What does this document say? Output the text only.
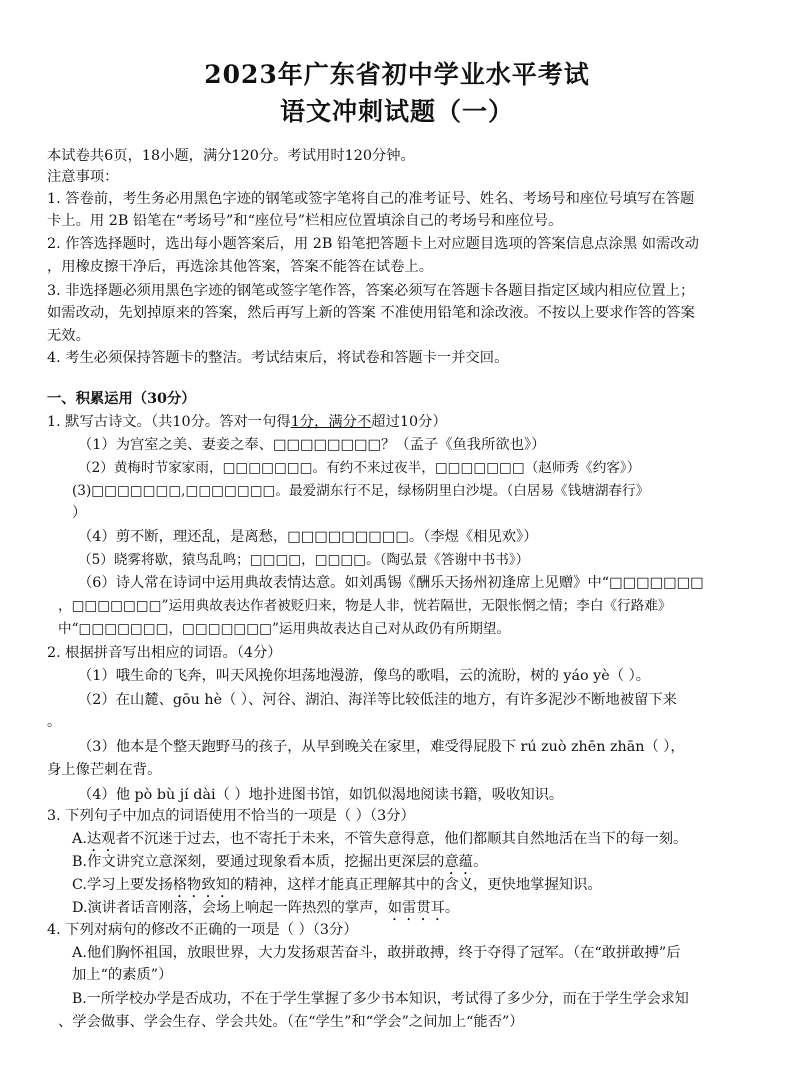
2023年广东省初中学业水平考试
语文冲刺试题（一）
本试卷共6页，18小题，满分120分。考试用时120分钟。
注意事项：
1. 答卷前，考生务必用黑色字迹的钢笔或签字笔将自己的准考证号、姓名、考场号和座位号填写在答题
卡上。用 2B 铅笔在“考场号”和“座位号”栏相应位置填涂自己的考场号和座位号。
2. 作答选择题时，选出每小题答案后，用 2B 铅笔把答题卡上对应题目选项的答案信息点涂黑 如需改动
，用橡皮擦干净后，再选涂其他答案，答案不能答在试卷上。
3. 非选择题必须用黑色字迹的钢笔或签字笔作答，答案必须写在答题卡各题目指定区域内相应位置上；
如需改动，先划掉原来的答案，然后再写上新的答案 不准使用铅笔和涂改液。不按以上要求作答的答案
无效。
4. 考生必须保持答题卡的整洁。考试结束后，将试卷和答题卡一并交回。
一、积累运用（30分）
1. 默写古诗文。（共10分。答对一句得1分，满分不超过10分）
（1）为宫室之美、妻妾之奉、□□□□□□□□？（孟子《鱼我所欲也》）
（2）黄梅时节家家雨，□□□□□□□。有约不来过夜半，□□□□□□□（赵师秀《约客》）
(3)□□□□□□□,□□□□□□□。最爱湖东行不足，绿杨阴里白沙堤。（白居易《钱塘湖春行》
）
（4）剪不断，理还乱，是离愁，□□□□□□□□□。（李煜《相见欢》）
（5）晓雾将歇，猿鸟乱鸣；□□□□，□□□□。（陶弘景《答谢中书书》）
（6）诗人常在诗词中运用典故表情达意。如刘禹锡《酬乐天扬州初逢席上见赠》中“□□□□□□□
，□□□□□□□”运用典故表达作者被贬归来，物是人非，恍若隔世，无限怅惘之情；李白《行路难》
中“□□□□□□□，□□□□□□□”运用典故表达自己对从政仍有所期望。
2. 根据拼音写出相应的词语。（4分）
（1）哦生命的飞奔，叫天风挽你坦荡地漫游，像鸟的歌唱，云的流盼，树的 yáo yè（ ）。
（2）在山麓、gōu hè（ ）、河谷、湖泊、海洋等比较低洼的地方，有许多泥沙不断地被留下来
。
（3）他本是个整天跑野马的孩子，从早到晚关在家里，难受得屁股下 rú zuò zhēn zhān（ ），
身上像芒刺在背。
（4）他 pò bù jí dài（ ）地扑进图书馆，如饥似渴地阅读书籍，吸收知识。
3. 下列句子中加点的词语使用不恰当的一项是（ ）（3分）
A.达观者不沉迷于过去，也不寄托于未来，不管失意得意，他们都顺其自然地活在当下的每一刻。
B.作文讲究立意深刻，要通过现象看本质，挖掘出更深层的意蕴。
C.学习上要发扬格物致知的精神，这样才能真正理解其中的含义，更快地掌握知识。
D.演讲者话音刚落，会场上响起一阵热烈的掌声，如雷贯耳。
4. 下列对病句的修改不正确的一项是（ ）（3分）
A.他们胸怀祖国，放眼世界，大力发扬艰苦奋斗，敢拼敢搏，终于夺得了冠军。（在“敢拼敢搏”后
加上“的素质”）
B.一所学校办学是否成功，不在于学生掌握了多少书本知识，考试得了多少分，而在于学生学会求知
、学会做事、学会生存、学会共处。（在“学生”和“学会”之间加上“能否”）
